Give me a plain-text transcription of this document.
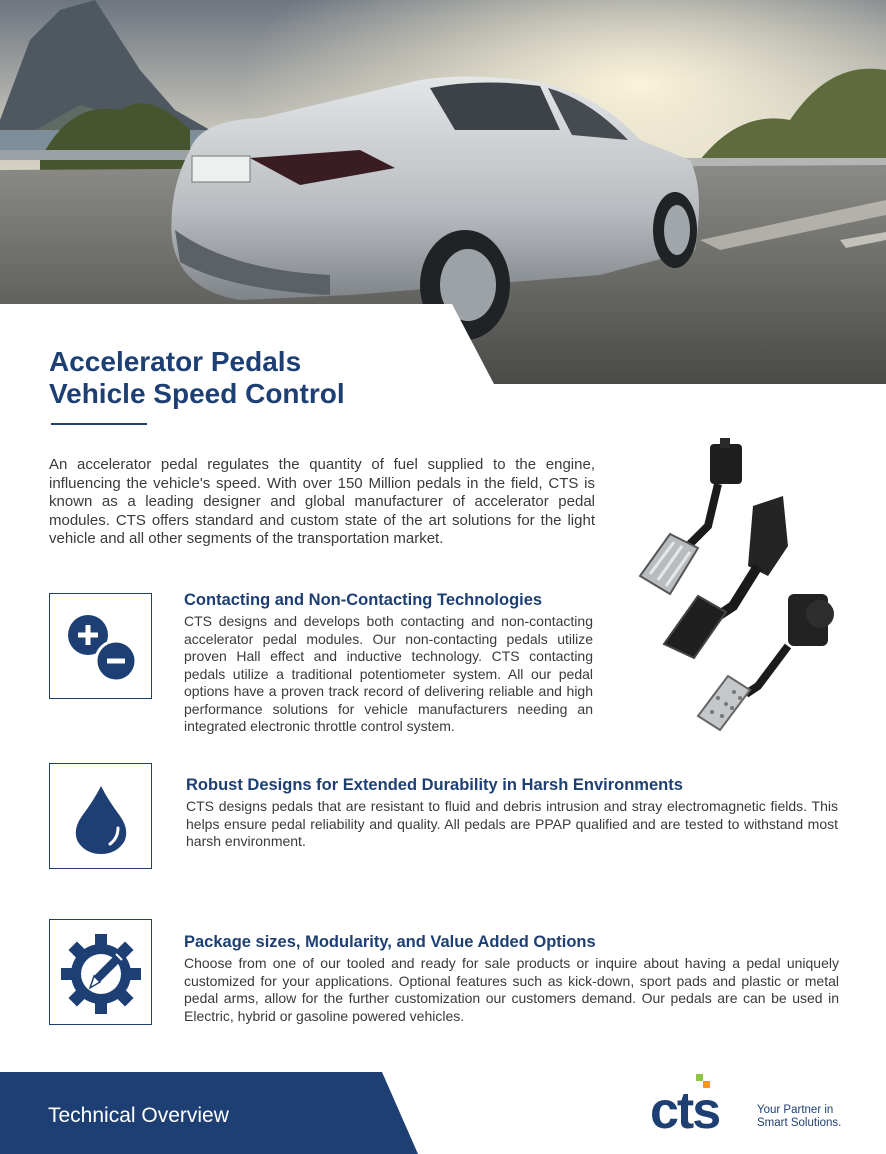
Accelerator Pedals
Vehicle Speed Control

An accelerator pedal regulates the quantity of fuel supplied to the engine, influencing the vehicle's speed. With over 150 Million pedals in the field, CTS is known as a leading designer and global manufacturer of accelerator pedal modules. CTS offers standard and custom state of the art solutions for the light vehicle and all other segments of the transportation market.

Contacting and Non-Contacting Technologies

CTS designs and develops both contacting and non-contacting accelerator pedal modules. Our non-contacting pedals utilize proven Hall effect and inductive technology. CTS contacting pedals utilize a traditional potentiometer system. All our pedal options have a proven track record of delivering reliable and high performance solutions for vehicle manufacturers needing an integrated electronic throttle control system.

Robust Designs for Extended Durability in Harsh Environments

CTS designs pedals that are resistant to fluid and debris intrusion and stray electromagnetic fields. This helps ensure pedal reliability and quality. All pedals are PPAP qualified and are tested to withstand most harsh environment.

Package sizes, Modularity, and Value Added Options

Choose from one of our tooled and ready for sale products or inquire about having a pedal uniquely customized for your applications. Optional features such as kick-down, sport pads and plastic or metal pedal arms, allow for the further customization our customers demand. Our pedals are can be used in Electric, hybrid or gasoline powered vehicles.

Technical Overview	cts	Your Partner in
Smart Solutions.
